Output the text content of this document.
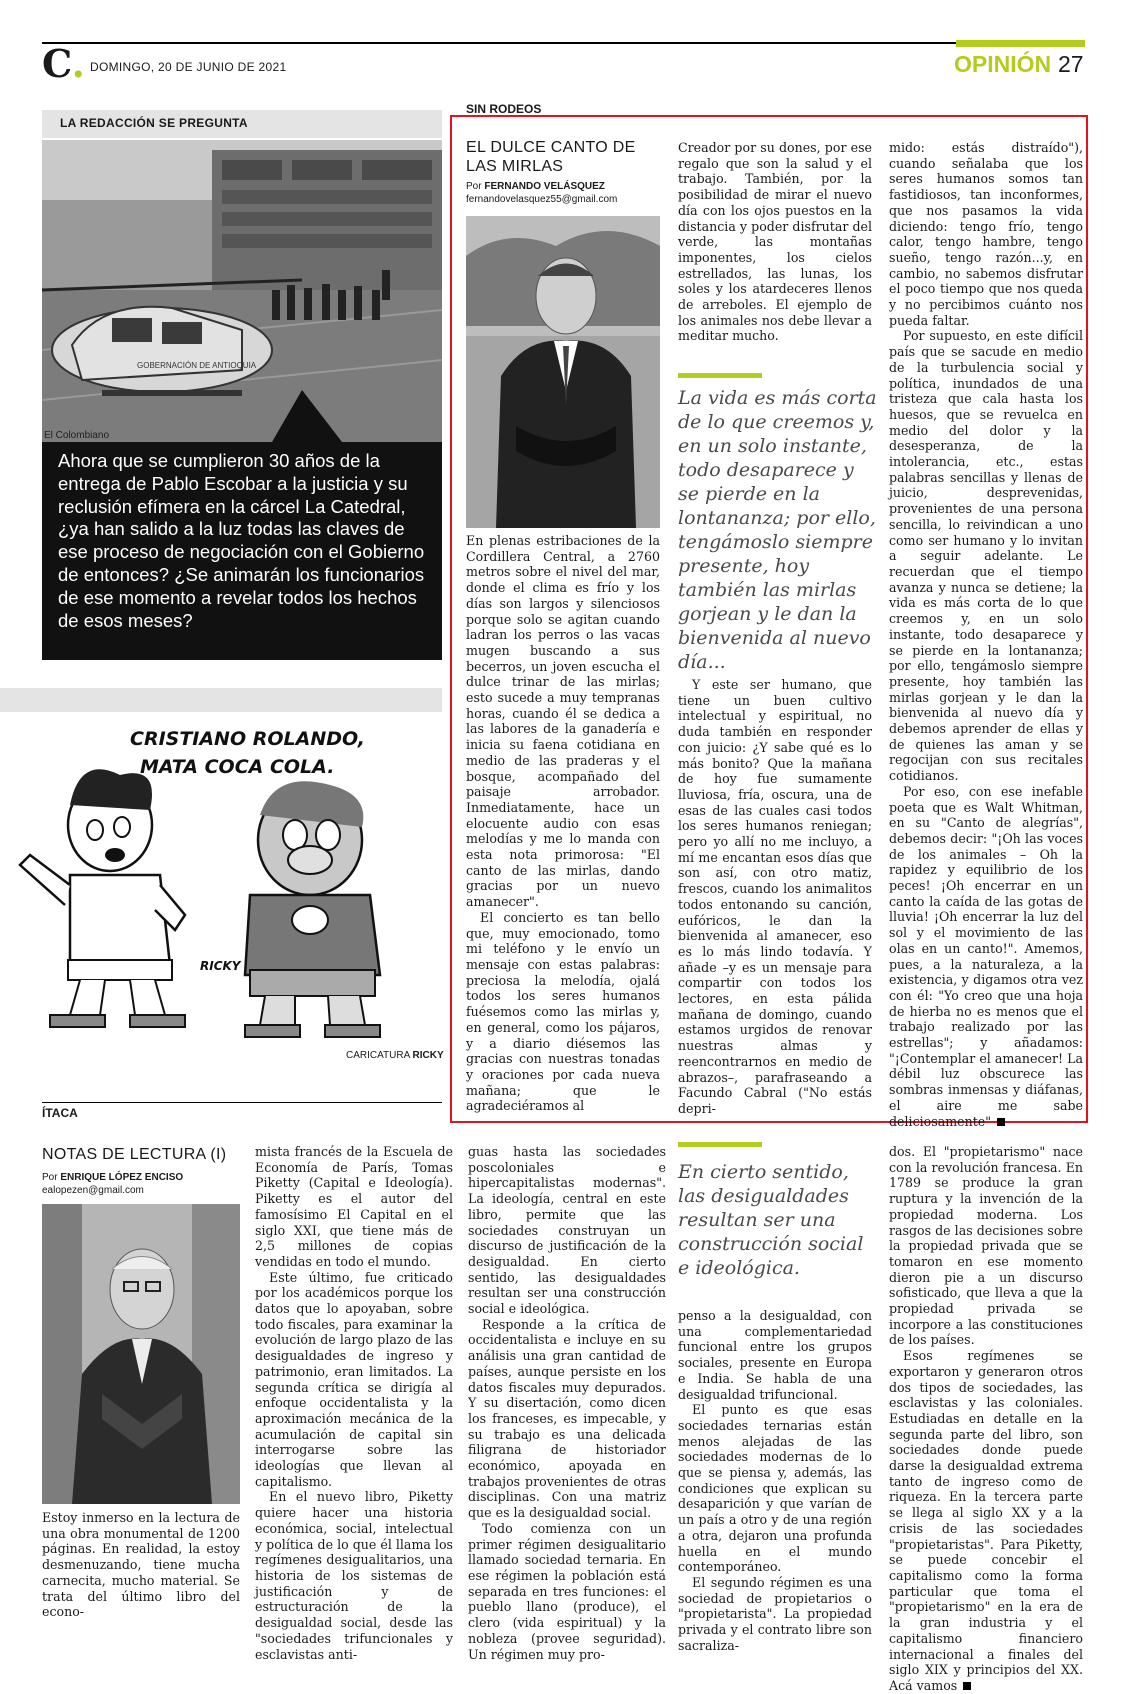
C. DOMINGO, 20 DE JUNIO DE 2021	OPINIÓN 27
LA REDACCIÓN SE PREGUNTA
GOBERNACIÓN DE ANTIOQUIA
El Colombiano
Ahora que se cumplieron 30 años de la entrega de Pablo Escobar a la justicia y su reclusión efímera en la cárcel La Catedral, ¿ya han salido a la luz todas las claves de ese proceso de negociación con el Gobierno de entonces? ¿Se animarán los funcionarios de ese momento a revelar todos los hechos de esos meses?
CRISTIANO ROLANDO,
MATA COCA COLA.
RICKY
CARICATURA RICKY
SIN RODEOS
EL DULCE CANTO DE LAS MIRLAS
Por FERNANDO VELÁSQUEZ
fernandovelasquez55@gmail.com

En plenas estribaciones de la Cordillera Central, a 2760 metros sobre el nivel del mar, donde el clima es frío y los días son largos y silenciosos porque solo se agitan cuando ladran los perros o las vacas mugen buscando a sus becerros, un joven escucha el dulce trinar de las mirlas; esto sucede a muy tempranas horas, cuando él se dedica a las labores de la ganadería e inicia su faena cotidiana en medio de las praderas y el bosque, acompañado del paisaje arrobador. Inmediatamente, hace un elocuente audio con esas melodías y me lo manda con esta nota primorosa: "El canto de las mirlas, dando gracias por un nuevo amanecer".

El concierto es tan bello que, muy emocionado, tomo mi teléfono y le envío un mensaje con estas palabras: preciosa la melodía, ojalá todos los seres humanos fuésemos como las mirlas y, en general, como los pájaros, y a diario diésemos las gracias con nuestras tonadas y oraciones por cada nueva mañana; que le agradeciéramos al

Creador por su dones, por ese regalo que son la salud y el trabajo. También, por la posibilidad de mirar el nuevo día con los ojos puestos en la distancia y poder disfrutar del verde, las montañas imponentes, los cielos estrellados, las lunas, los soles y los atardeceres llenos de arreboles. El ejemplo de los animales nos debe llevar a meditar mucho.

La vida es más corta de lo que creemos y, en un solo instante, todo desaparece y se pierde en la lontananza; por ello, tengámoslo siempre presente, hoy también las mirlas gorjean y le dan la bienvenida al nuevo día...

Y este ser humano, que tiene un buen cultivo intelectual y espiritual, no duda también en responder con juicio: ¿Y sabe qué es lo más bonito? Que la mañana de hoy fue sumamente lluviosa, fría, oscura, una de esas de las cuales casi todos los seres humanos reniegan; pero yo allí no me incluyo, a mí me encantan esos días que son así, con otro matiz, frescos, cuando los animalitos todos entonando su canción, eufóricos, le dan la bienvenida al amanecer, eso es lo más lindo todavía. Y añade –y es un mensaje para compartir con todos los lectores, en esta pálida mañana de domingo, cuando estamos urgidos de renovar nuestras almas y reencontrarnos en medio de abrazos–, parafraseando a Facundo Cabral ("No estás depri-

mido: estás distraído"), cuando señalaba que los seres humanos somos tan fastidiosos, tan inconformes, que nos pasamos la vida diciendo: tengo frío, tengo calor, tengo hambre, tengo sueño, tengo razón...y, en cambio, no sabemos disfrutar el poco tiempo que nos queda y no percibimos cuánto nos pueda faltar.

Por supuesto, en este difícil país que se sacude en medio de la turbulencia social y política, inundados de una tristeza que cala hasta los huesos, que se revuelca en medio del dolor y la desesperanza, de la intolerancia, etc., estas palabras sencillas y llenas de juicio, desprevenidas, provenientes de una persona sencilla, lo reivindican a uno como ser humano y lo invitan a seguir adelante. Le recuerdan que el tiempo avanza y nunca se detiene; la vida es más corta de lo que creemos y, en un solo instante, todo desaparece y se pierde en la lontananza; por ello, tengámoslo siempre presente, hoy también las mirlas gorjean y le dan la bienvenida al nuevo día y debemos aprender de ellas y de quienes las aman y se regocijan con sus recitales cotidianos.

Por eso, con ese inefable poeta que es Walt Whitman, en su "Canto de alegrías", debemos decir: "¡Oh las voces de los animales – Oh la rapidez y equilibrio de los peces! ¡Oh encerrar en un canto la caída de las gotas de lluvia! ¡Oh encerrar la luz del sol y el movimiento de las olas en un canto!". Amemos, pues, a la naturaleza, a la existencia, y digamos otra vez con él: "Yo creo que una hoja de hierba no es menos que el trabajo realizado por las estrellas"; y añadamos: "¡Contemplar el amanecer! La débil luz obscurece las sombras inmensas y diáfanas, el aire me sabe deliciosamente"

ÍTACA
NOTAS DE LECTURA (I)
Por ENRIQUE LÓPEZ ENCISO
ealopezen@gmail.com

Estoy inmerso en la lectura de una obra monumental de 1200 páginas. En realidad, la estoy desmenuzando, tiene mucha carnecita, mucho material. Se trata del último libro del econo-

mista francés de la Escuela de Economía de París, Tomas Piketty (Capital e Ideología). Piketty es el autor del famosísimo El Capital en el siglo XXI, que tiene más de 2,5 millones de copias vendidas en todo el mundo.

Este último, fue criticado por los académicos porque los datos que lo apoyaban, sobre todo fiscales, para examinar la evolución de largo plazo de las desigualdades de ingreso y patrimonio, eran limitados. La segunda crítica se dirigía al enfoque occidentalista y la aproximación mecánica de la acumulación de capital sin interrogarse sobre las ideologías que llevan al capitalismo.

En el nuevo libro, Piketty quiere hacer una historia económica, social, intelectual y política de lo que él llama los regímenes desigualitarios, una historia de los sistemas de justificación y de estructuración de la desigualdad social, desde las "sociedades trifuncionales y esclavistas anti-

guas hasta las sociedades poscoloniales e hipercapitalistas modernas". La ideología, central en este libro, permite que las sociedades construyan un discurso de justificación de la desigualdad. En cierto sentido, las desigualdades resultan ser una construcción social e ideológica.

Responde a la crítica de occidentalista e incluye en su análisis una gran cantidad de países, aunque persiste en los datos fiscales muy depurados. Y su disertación, como dicen los franceses, es impecable, y su trabajo es una delicada filigrana de historiador económico, apoyada en trabajos provenientes de otras disciplinas. Con una matriz que es la desigualdad social.

Todo comienza con un primer régimen desigualitario llamado sociedad ternaria. En ese régimen la población está separada en tres funciones: el pueblo llano (produce), el clero (vida espiritual) y la nobleza (provee seguridad). Un régimen muy pro-

En cierto sentido, las desigualdades resultan ser una construcción social e ideológica.

penso a la desigualdad, con una complementariedad funcional entre los grupos sociales, presente en Europa e India. Se habla de una desigualdad trifuncional.

El punto es que esas sociedades ternarias están menos alejadas de las sociedades modernas de lo que se piensa y, además, las condiciones que explican su desaparición y que varían de un país a otro y de una región a otra, dejaron una profunda huella en el mundo contemporáneo.

El segundo régimen es una sociedad de propietarios o "propietarista". La propiedad privada y el contrato libre son sacraliza-

dos. El "propietarismo" nace con la revolución francesa. En 1789 se produce la gran ruptura y la invención de la propiedad moderna. Los rasgos de las decisiones sobre la propiedad privada que se tomaron en ese momento dieron pie a un discurso sofisticado, que lleva a que la propiedad privada se incorpore a las constituciones de los países.

Esos regímenes se exportaron y generaron otros dos tipos de sociedades, las esclavistas y las coloniales. Estudiadas en detalle en la segunda parte del libro, son sociedades donde puede darse la desigualdad extrema tanto de ingreso como de riqueza. En la tercera parte se llega al siglo XX y a la crisis de las sociedades "propietaristas". Para Piketty, se puede concebir el capitalismo como la forma particular que toma el "propietarismo" en la era de la gran industria y el capitalismo financiero internacional a finales del siglo XIX y principios del XX. Acá vamos
